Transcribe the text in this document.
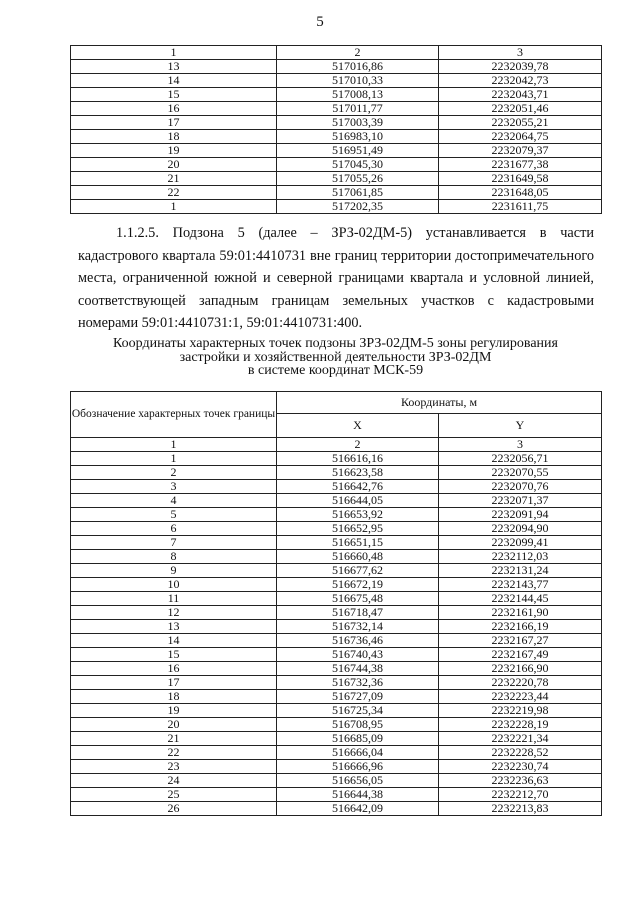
5
1	2	3
13	517016,86	2232039,78
14	517010,33	2232042,73
15	517008,13	2232043,71
16	517011,77	2232051,46
17	517003,39	2232055,21
18	516983,10	2232064,75
19	516951,49	2232079,37
20	517045,30	2231677,38
21	517055,26	2231649,58
22	517061,85	2231648,05
1	517202,35	2231611,75
1.1.2.5. Подзона 5 (далее – ЗРЗ-02ДМ-5) устанавливается в части кадастрового квартала 59:01:4410731 вне границ территории достопримечательного места, ограниченной южной и северной границами квартала и условной линией, соответствующей западным границам земельных участков с кадастровыми номерами 59:01:4410731:1, 59:01:4410731:400.
Координаты характерных точек подзоны ЗРЗ-02ДМ-5 зоны регулирования
застройки и хозяйственной деятельности ЗРЗ-02ДМ
в системе координат МСК-59
Обозначение характерных точек границы	Координаты, м	
	X	Y
1	2	3
1	516616,16	2232056,71
2	516623,58	2232070,55
3	516642,76	2232070,76
4	516644,05	2232071,37
5	516653,92	2232091,94
6	516652,95	2232094,90
7	516651,15	2232099,41
8	516660,48	2232112,03
9	516677,62	2232131,24
10	516672,19	2232143,77
11	516675,48	2232144,45
12	516718,47	2232161,90
13	516732,14	2232166,19
14	516736,46	2232167,27
15	516740,43	2232167,49
16	516744,38	2232166,90
17	516732,36	2232220,78
18	516727,09	2232223,44
19	516725,34	2232219,98
20	516708,95	2232228,19
21	516685,09	2232221,34
22	516666,04	2232228,52
23	516666,96	2232230,74
24	516656,05	2232236,63
25	516644,38	2232212,70
26	516642,09	2232213,83
